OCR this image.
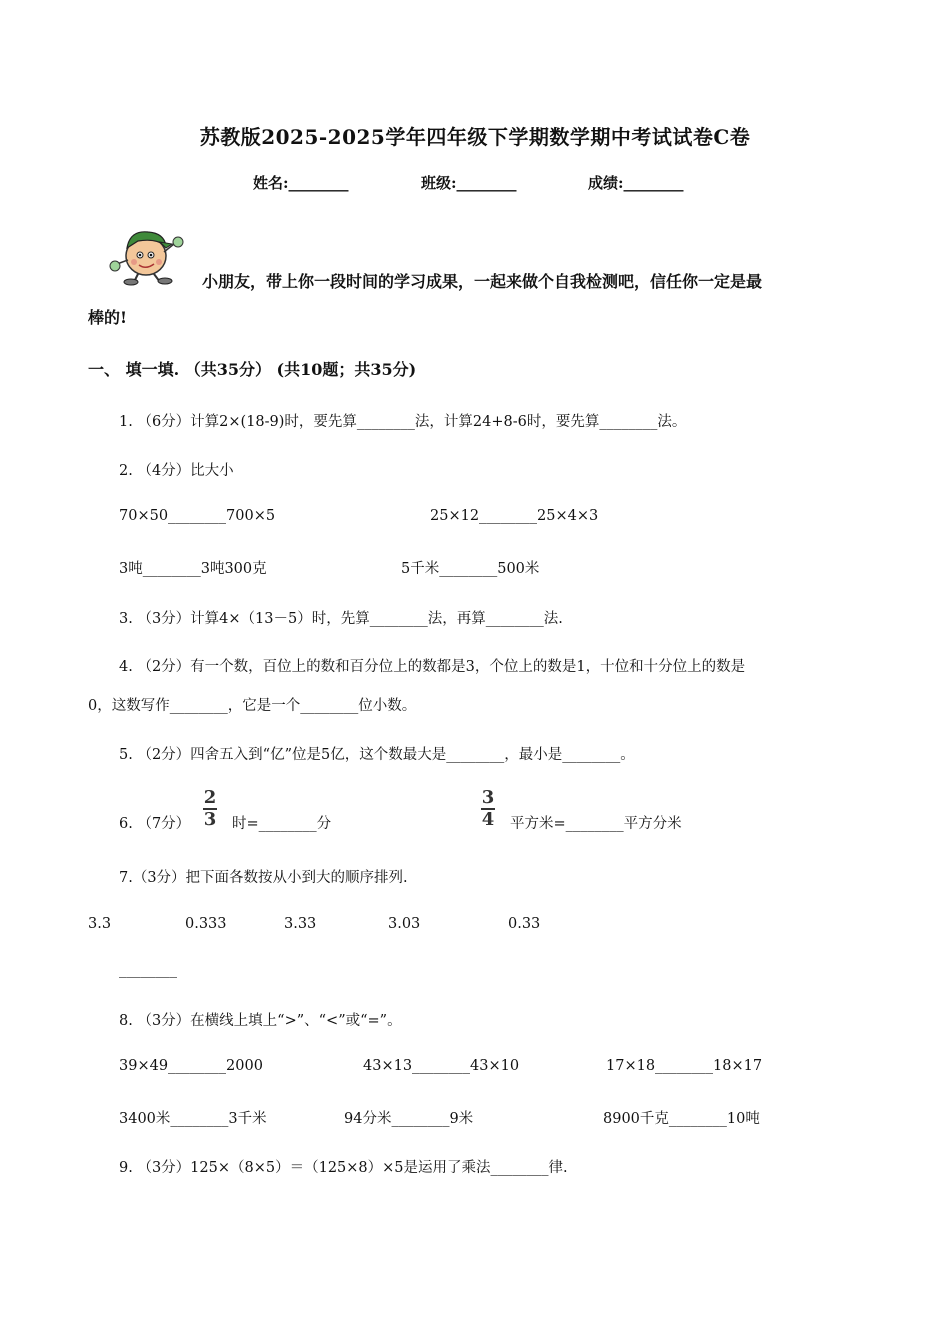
苏教版2025-2025学年四年级下学期数学期中考试试卷C卷
姓名:________	班级:________	成绩:________
小朋友，带上你一段时间的学习成果，一起来做个自我检测吧，信任你一定是最
棒的!
一、 填一填. （共35分） (共10题；共35分)
1. （6分）计算2×(18-9)时，要先算________法，计算24+8-6时，要先算________法。
2. （4分）比大小
70×50________700×5	25×12________25×4×3
3吨________3吨300克	5千米________500米
3. （3分）计算4×（13－5）时，先算________法，再算________法.
4. （2分）有一个数，百位上的数和百分位上的数都是3，个位上的数是1，十位和十分位上的数是
0，这数写作________，它是一个________位小数。
5. （2分）四舍五入到“亿”位是5亿，这个数最大是________，最小是________。
6. （7分）
2
3 时=________分
3
4 平方米=________平方分米
7.（3分）把下面各数按从小到大的顺序排列.
3.3	0.333	3.33	3.03	0.33
________
8. （3分）在横线上填上“>”、“<”或“=”。
39×49________2000	43×13________43×10	17×18________18×17
3400米________3千米	94分米________9米	8900千克________10吨
9. （3分）125×（8×5）＝（125×8）×5是运用了乘法________律.
